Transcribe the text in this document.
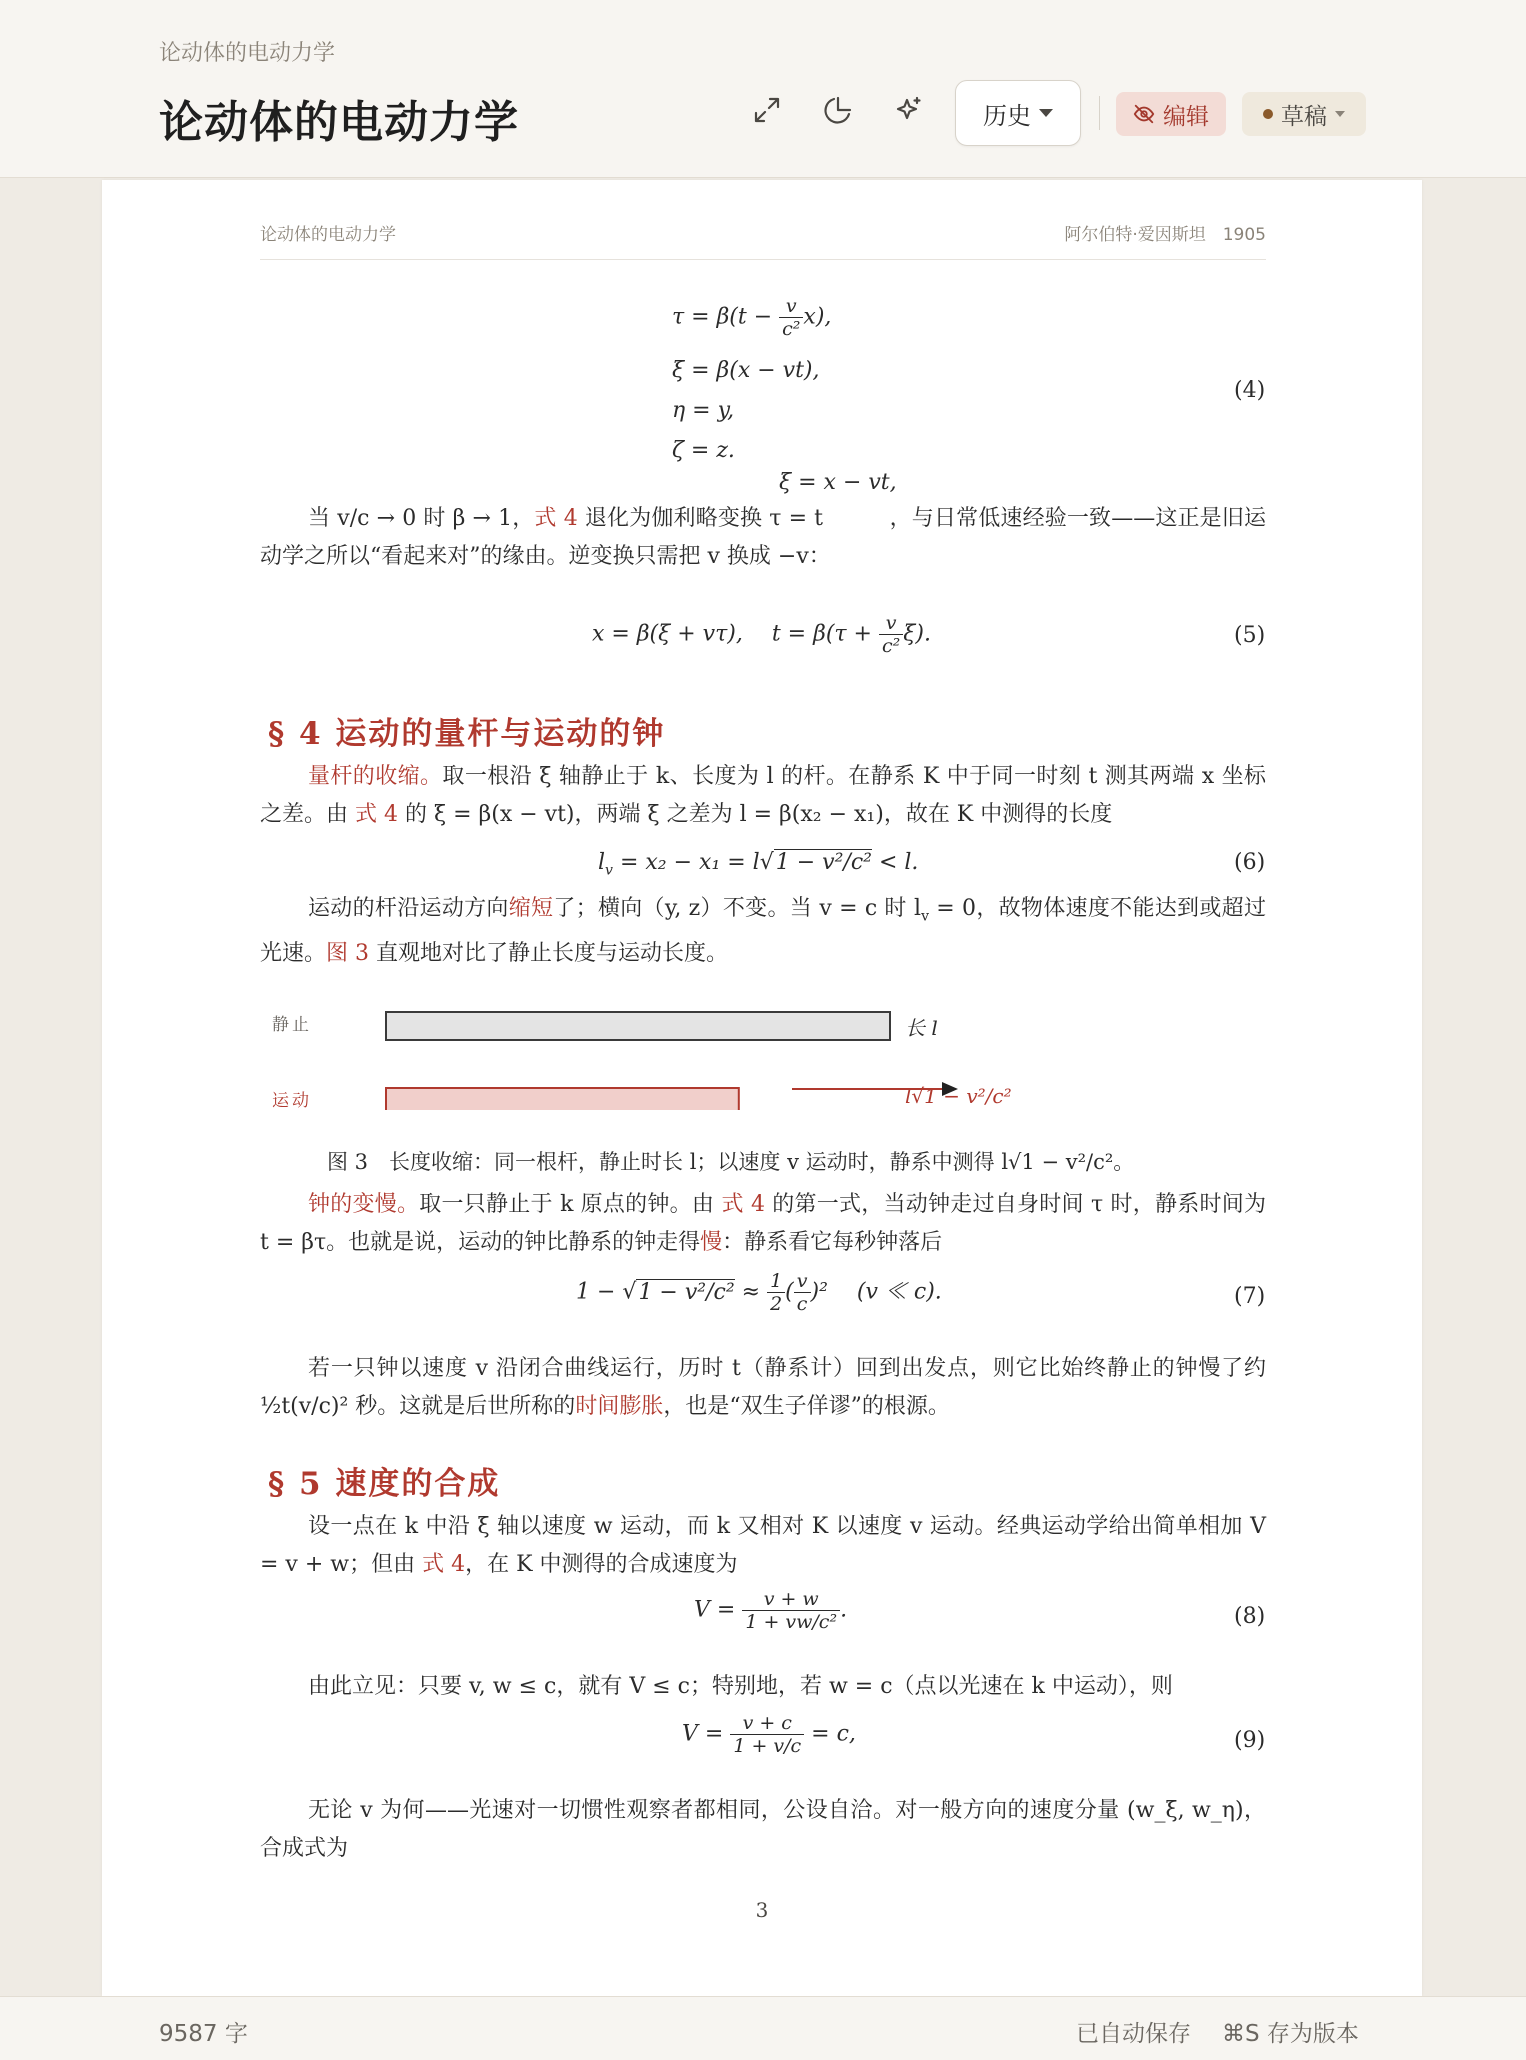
论动体的电动力学
论动体的电动力学	历史	编辑	草稿
论动体的电动力学	阿尔伯特·爱因斯坦　1905
$\tau = \beta(t - \frac{v}{\text{c²}} x)$,
ξ = β(x − vt),
η = y,
ζ = z.
(4)
ξ = x − vt,
当 v/c → 0 时 β → 1，式 4 退化为伽利略变换 τ = t　　　，与日常低速经验一致——这正是旧运动学之所以“看起来对”的缘由。逆变换只需把 v 换成 −v：
x = β(ξ + vτ),　 $t = \beta(\tau + \frac{v}{\text{c²}} \xi)$.	(5)
§ 4 运动的量杆与运动的钟
量杆的收缩。取一根沿 ξ 轴静止于 k、长度为 l 的杆。在静系 K 中于同一时刻 t 测其两端 x 坐标之差。由 式 4 的 ξ = β(x − vt)，两端 ξ 之差为 l = β(x₂ − x₁)，故在 K 中测得的长度
$l_v = x_2 - x_1 = l√1 - v^2/c^2 < l$.	(6)
运动的杆沿运动方向缩短了；横向（y, z）不变。当 v = c 时 $l_v = 0$，故物体速度不能达到或超过光速。图 3 直观地对比了静止长度与运动长度。
静止
运动
长 l
l√1 − v²/c²
图 3　长度收缩：同一根杆，静止时长 l；以速度 v 运动时，静系中测得 l√1 − v²/c²。
钟的变慢。取一只静止于 k 原点的钟。由 式 4 的第一式，当动钟走过自身时间 τ 时，静系时间为 t = βτ。也就是说，运动的钟比静系的钟走得慢：静系看它每秒钟落后
$1 - √1 - v^2/c^2 \approx \frac{1}{2}$ ( $\frac{v}{c} )^2$ 　(v ≪ c).	(7)
若一只钟以速度 v 沿闭合曲线运行，历时 t（静系计）回到出发点，则它比始终静止的钟慢了约 ½t(v/c)² 秒。这就是后世所称的时间膨胀，也是“双生子佯谬”的根源。
§ 5 速度的合成
设一点在 k 中沿 ξ 轴以速度 w 运动，而 k 又相对 K 以速度 v 运动。经典运动学给出简单相加 V = v + w；但由 式 4，在 K 中测得的合成速度为
$V = \frac{v + w}{\text{1 + vw/c²}}$ .	(8)
由此立见：只要 v, w ≤ c，就有 V ≤ c；特别地，若 w = c（点以光速在 k 中运动），则
$V = \frac{v + c}{1 + v/c} = c$,	(9)
无论 v 为何——光速对一切惯性观察者都相同，公设自洽。对一般方向的速度分量 (w_ξ, w_η)，合成式为
3
9587 字	已自动保存 ⌘S 存为版本
